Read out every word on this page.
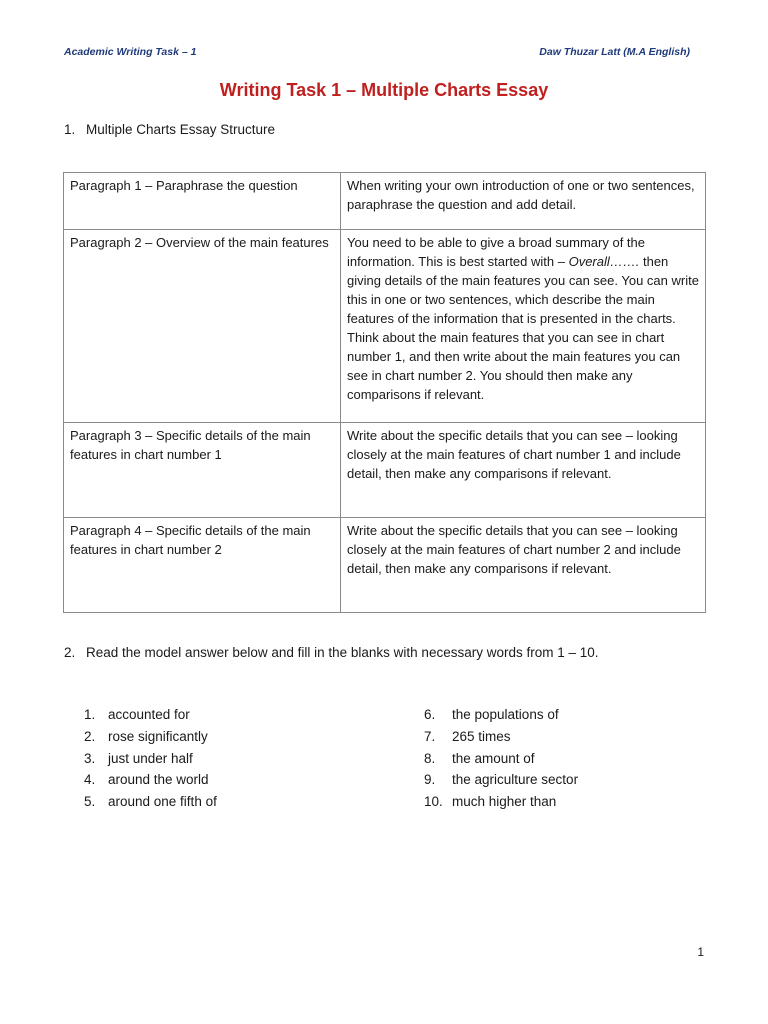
Academic Writing Task – 1	Daw Thuzar Latt (M.A English)
Writing Task 1 – Multiple Charts Essay
1. Multiple Charts Essay Structure
Paragraph 1 – Paraphrase the question	When writing your own introduction of one or two sentences, paraphrase the question and add detail.
Paragraph 2 – Overview of the main features	You need to be able to give a broad summary of the information. This is best started with – Overall……. then giving details of the main features you can see. You can write this in one or two sentences, which describe the main features of the information that is presented in the charts. Think about the main features that you can see in chart number 1, and then write about the main features you can see in chart number 2. You should then make any comparisons if relevant.
Paragraph 3 – Specific details of the main features in chart number 1	Write about the specific details that you can see – looking closely at the main features of chart number 1 and include detail, then make any comparisons if relevant.
Paragraph 4 – Specific details of the main features in chart number 2	Write about the specific details that you can see – looking closely at the main features of chart number 2 and include detail, then make any comparisons if relevant.
2. Read the model answer below and fill in the blanks with necessary words from 1 – 10.
1. accounted for
2. rose significantly
3. just under half
4. around the world
5. around one fifth of
6. the populations of
7. 265 times
8. the amount of
9. the agriculture sector
10. much higher than
1
